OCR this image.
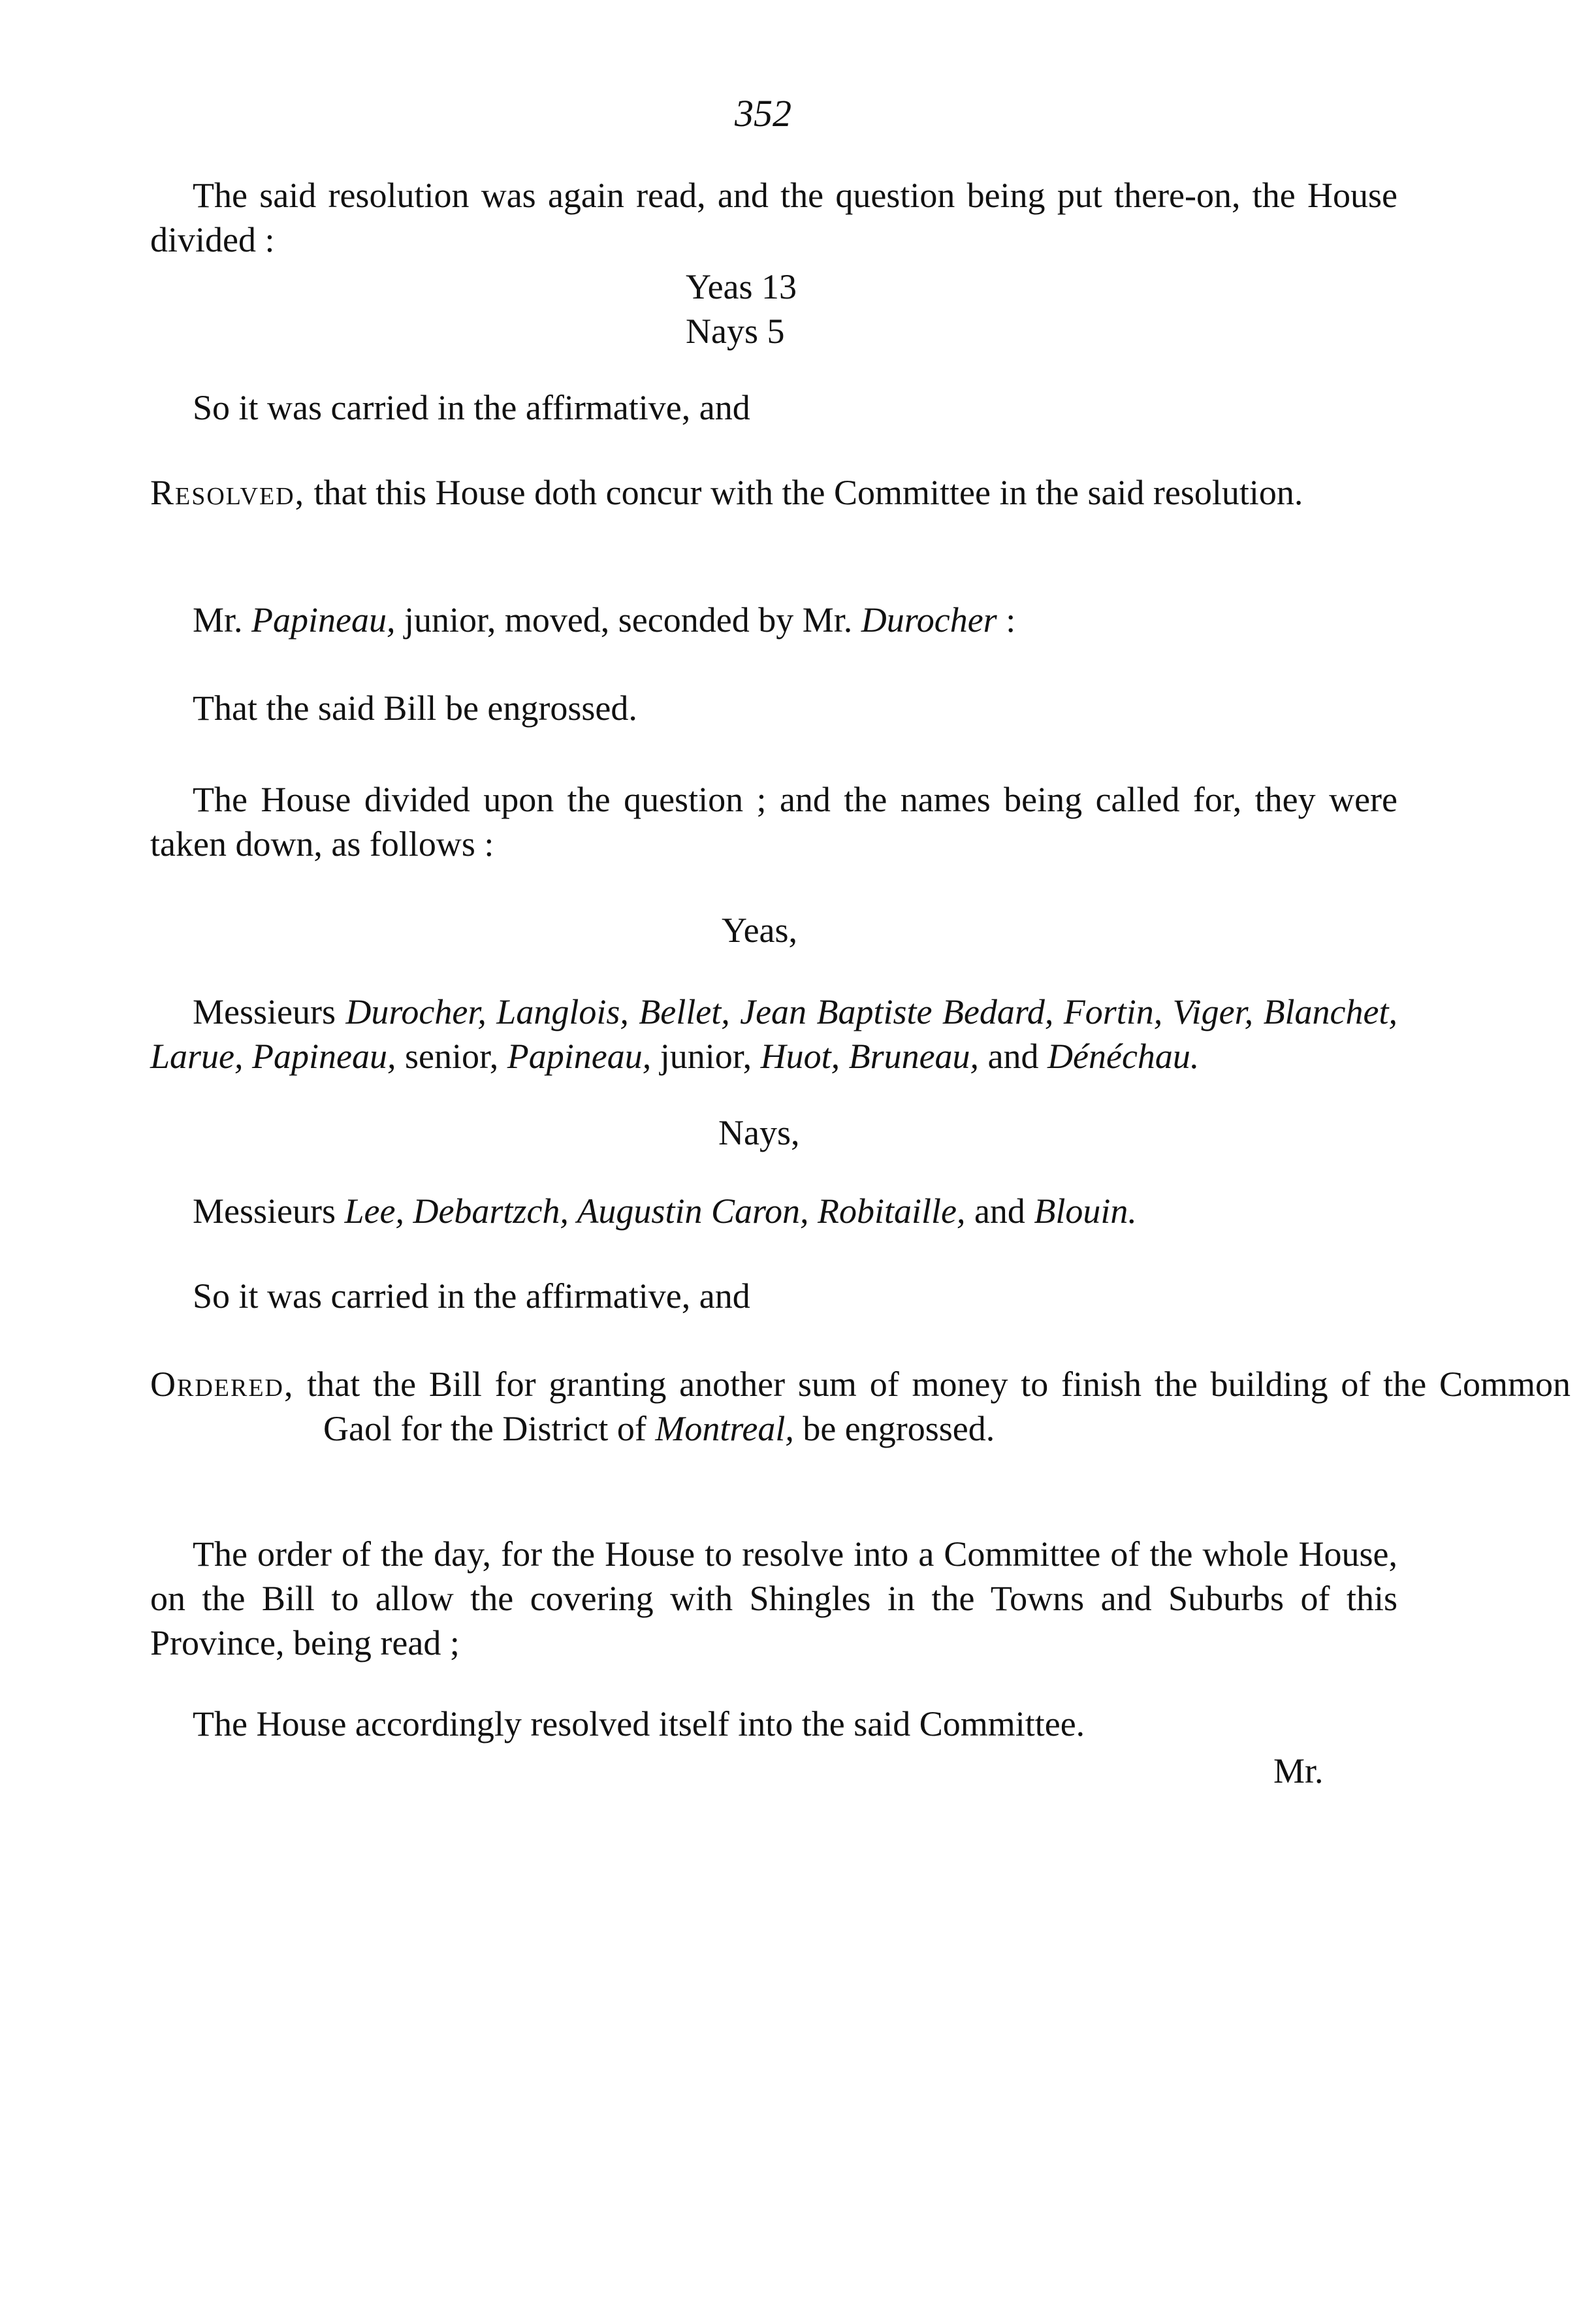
352
The said resolution was again read, and the question being put there-on, the House divided :
Yeas 13
Nays 5
So it was carried in the affirmative, and
Resolved, that this House doth concur with the Committee in the said resolution.
Mr. Papineau, junior, moved, seconded by Mr. Durocher :
That the said Bill be engrossed.
The House divided upon the question ; and the names being called for, they were taken down, as follows :
Yeas,
Messieurs Durocher, Langlois, Bellet, Jean Baptiste Bedard, Fortin, Viger, Blanchet, Larue, Papineau, senior, Papineau, junior, Huot, Bruneau, and Dénéchau.
Nays,
Messieurs Lee, Debartzch, Augustin Caron, Robitaille, and Blouin.
So it was carried in the affirmative, and
Ordered, that the Bill for granting another sum of money to finish the building of the Common Gaol for the District of Montreal, be engrossed.
The order of the day, for the House to resolve into a Committee of the whole House, on the Bill to allow the covering with Shingles in the Towns and Suburbs of this Province, being read ;
The House accordingly resolved itself into the said Committee.
Mr.
